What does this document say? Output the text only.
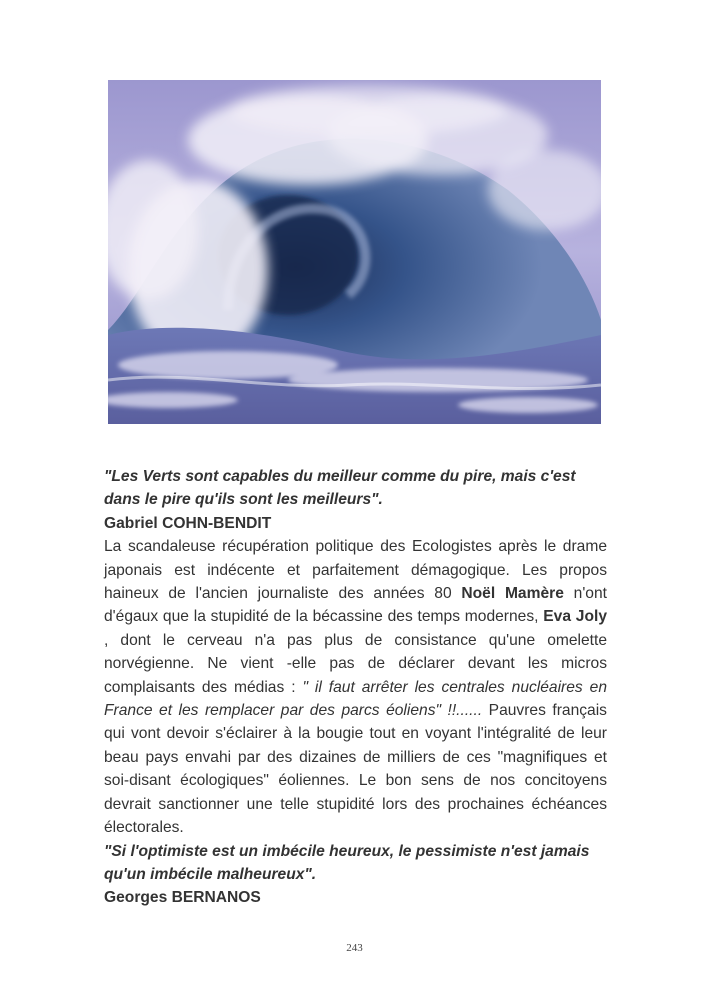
"Les Verts sont capables du meilleur comme du pire, mais c'est dans le pire qu'ils sont les meilleurs".

Gabriel COHN-BENDIT

La scandaleuse récupération politique des Ecologistes après le drame japonais est indécente et parfaitement démagogique. Les propos haineux de l'ancien journaliste des années 80 Noël Mamère n'ont d'égaux que la stupidité de la bécassine des temps modernes, Eva Joly , dont le cerveau n'a pas plus de consistance qu'une omelette norvégienne. Ne vient -elle pas de déclarer devant les micros complaisants des médias : " il faut arrêter les centrales nucléaires en France et les remplacer par des parcs éoliens" !!...... Pauvres français qui vont devoir s'éclairer à la bougie tout en voyant l'intégralité de leur beau pays envahi par des dizaines de milliers de ces "magnifiques et soi-disant écologiques" éoliennes. Le bon sens de nos concitoyens devrait sanctionner une telle stupidité lors des prochaines échéances électorales.

"Si l'optimiste est un imbécile heureux, le pessimiste n'est jamais qu'un imbécile malheureux".

Georges BERNANOS

243
